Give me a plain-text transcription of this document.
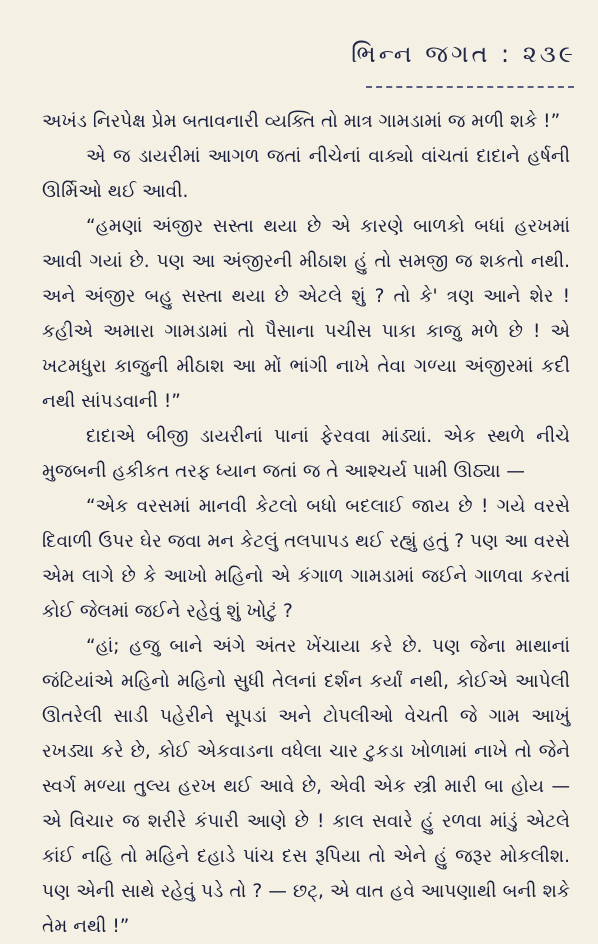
ભિન્ન જગત : ૨૩૯

અખંડ નિરપેક્ષ પ્રેમ બતાવનારી વ્યક્તિ તો માત્ર ગામડામાં જ મળી શકે !”

એ જ ડાયરીમાં આગળ જતાં નીચેનાં વાક્યો વાંચતાં દાદાને હર્ષની ઊર્મિઓ થઈ આવી.

“હમણાં અંજીર સસ્તા થયા છે એ કારણે બાળકો બધાં હરખમાં આવી ગયાં છે. પણ આ અંજીરની મીઠાશ હું તો સમજી જ શકતો નથી. અને અંજીર બહુ સસ્તા થયા છે એટલે શું ? તો કે' ત્રણ આને શેર ! કહીએ અમારા ગામડામાં તો પૈસાના પચીસ પાકા કાજુ મળે છે ! એ ખટમધુરા કાજુની મીઠાશ આ મોં ભાંગી નાખે તેવા ગળ્યા અંજીરમાં કદી નથી સાંપડવાની !”

દાદાએ બીજી ડાયરીનાં પાનાં ફેરવવા માંડ્યાં. એક સ્થળે નીચે મુજબની હકીકત તરફ ધ્યાન જતાં જ તે આશ્ચર્ય પામી ઊઠ્યા —

“એક વરસમાં માનવી કેટલો બધો બદલાઈ જાય છે ! ગયે વરસે દિવાળી ઉપર ઘેર જવા મન કેટલું તલપાપડ થઈ રહ્યું હતું ? પણ આ વરસે એમ લાગે છે કે આખો મહિનો એ કંગાળ ગામડામાં જઈને ગાળવા કરતાં કોઈ જેલમાં જઈને રહેવું શું ખોટું ?

“હાં; હજુ બાને અંગે અંતર ખેંચાયા કરે છે. પણ જેના માથાનાં જંટિયાંએ મહિનો મહિનો સુધી તેલનાં દર્શન કર્યાં નથી, કોઈએ આપેલી ઊતરેલી સાડી પહેરીને સૂપડાં અને ટોપલીઓ વેચતી જે ગામ આખું રખડ્યા કરે છે, કોઈ એકવાડના વધેલા ચાર ટુકડા ખોળામાં નાખે તો જેને સ્વર્ગ મળ્યા તુલ્ય હરખ થઈ આવે છે, એવી એક સ્ત્રી મારી બા હોય — એ વિચાર જ શરીરે કંપારી આણે છે ! કાલ સવારે હું રળવા માંડું એટલે કાંઈ નહિ તો મહિને દહાડે પાંચ દસ રૂપિયા તો એને હું જરૂર મોકલીશ. પણ એની સાથે રહેવું પડે તો ? — છટ્, એ વાત હવે આપણાથી બની શકે તેમ નથી !”
